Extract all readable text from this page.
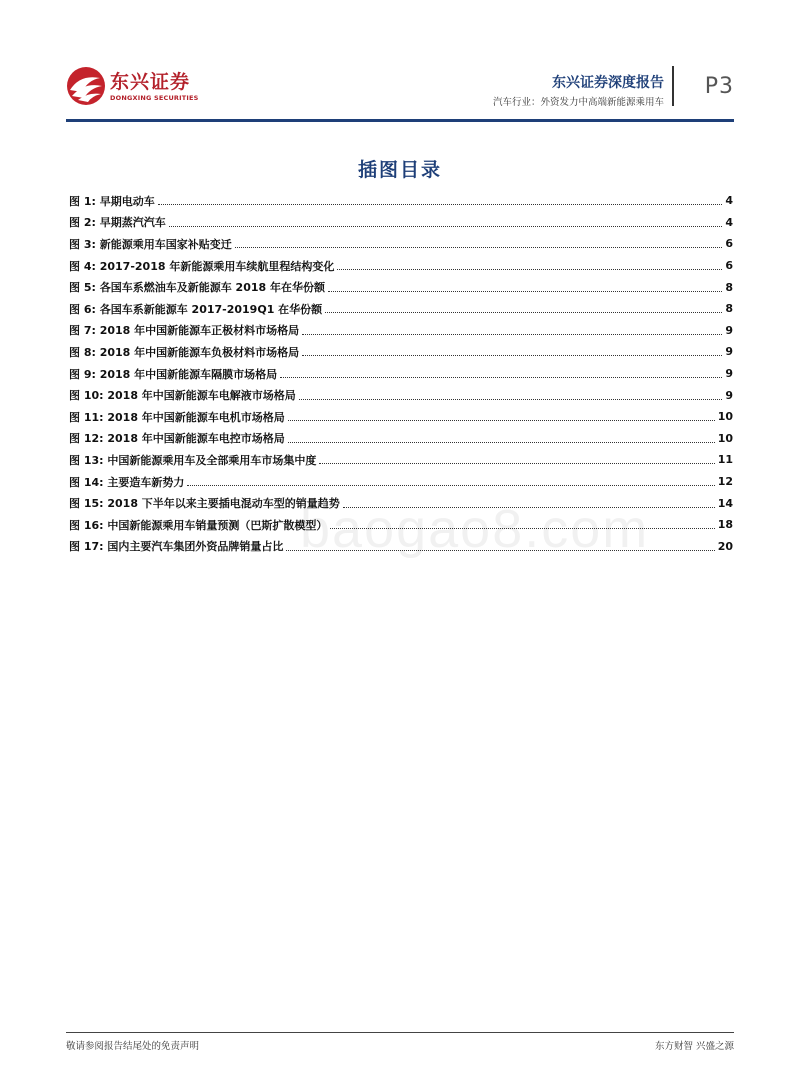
东兴证券
DONGXING SECURITIES
东兴证券深度报告
汽车行业：外资发力中高端新能源乘用车
P3
插图目录
图 1: 早期电动车	4
图 2: 早期蒸汽汽车	4
图 3: 新能源乘用车国家补贴变迁	6
图 4: 2017-2018 年新能源乘用车续航里程结构变化	6
图 5: 各国车系燃油车及新能源车 2018 年在华份额	8
图 6: 各国车系新能源车 2017-2019Q1 在华份额	8
图 7: 2018 年中国新能源车正极材料市场格局	9
图 8: 2018 年中国新能源车负极材料市场格局	9
图 9: 2018 年中国新能源车隔膜市场格局	9
图 10: 2018 年中国新能源车电解液市场格局	9
图 11: 2018 年中国新能源车电机市场格局	10
图 12: 2018 年中国新能源车电控市场格局	10
图 13: 中国新能源乘用车及全部乘用车市场集中度	11
图 14: 主要造车新势力	12
图 15: 2018 下半年以来主要插电混动车型的销量趋势	14
图 16: 中国新能源乘用车销量预测（巴斯扩散模型）	18
图 17: 国内主要汽车集团外资品牌销量占比	20
baogao8.com
敬请参阅报告结尾处的免责声明	东方财智 兴盛之源
